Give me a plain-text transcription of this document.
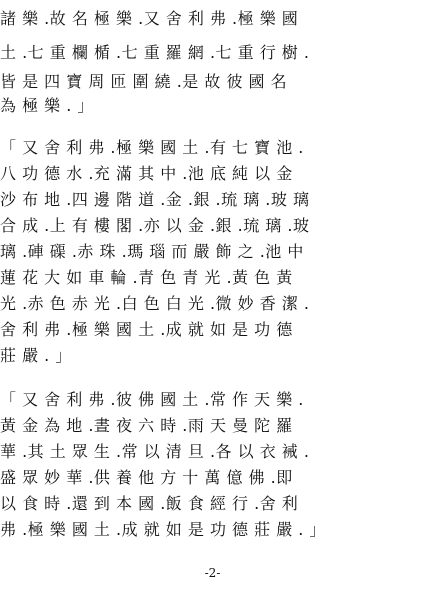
諸 樂 .故 名 極 樂 .又 舍 利 弗 .極 樂 國
土 .七 重 欄 楯 .七 重 羅 網 .七 重 行 樹 .
皆 是 四 寶 周 匝 圍 繞 .是 故 彼 國 名
為 極 樂 . 」
「 又 舍 利 弗 .極 樂 國 土 .有 七 寶 池 .
八 功 德 水 .充 滿 其 中 .池 底 純 以 金
沙 布 地 .四 邊 階 道 .金 .銀 .琉 璃 .玻 璃
合 成 .上 有 樓 閣 .亦 以 金 .銀 .琉 璃 .玻
璃 .硨 磲 .赤 珠 .瑪 瑙 而 嚴 飾 之 .池 中
蓮 花 大 如 車 輪 .青 色 青 光 .黃 色 黃
光 .赤 色 赤 光 .白 色 白 光 .微 妙 香 潔 .
舍 利 弗 .極 樂 國 土 .成 就 如 是 功 德
莊 嚴 . 」
「 又 舍 利 弗 .彼 佛 國 土 .常 作 天 樂 .
黃 金 為 地 .晝 夜 六 時 .雨 天 曼 陀 羅
華 .其 土 眾 生 .常 以 清 旦 .各 以 衣 裓 .
盛 眾 妙 華 .供 養 他 方 十 萬 億 佛 .即
以 食 時 .還 到 本 國 .飯 食 經 行 .舍 利
弗 .極 樂 國 土 .成 就 如 是 功 德 莊 嚴 . 」
-2-
